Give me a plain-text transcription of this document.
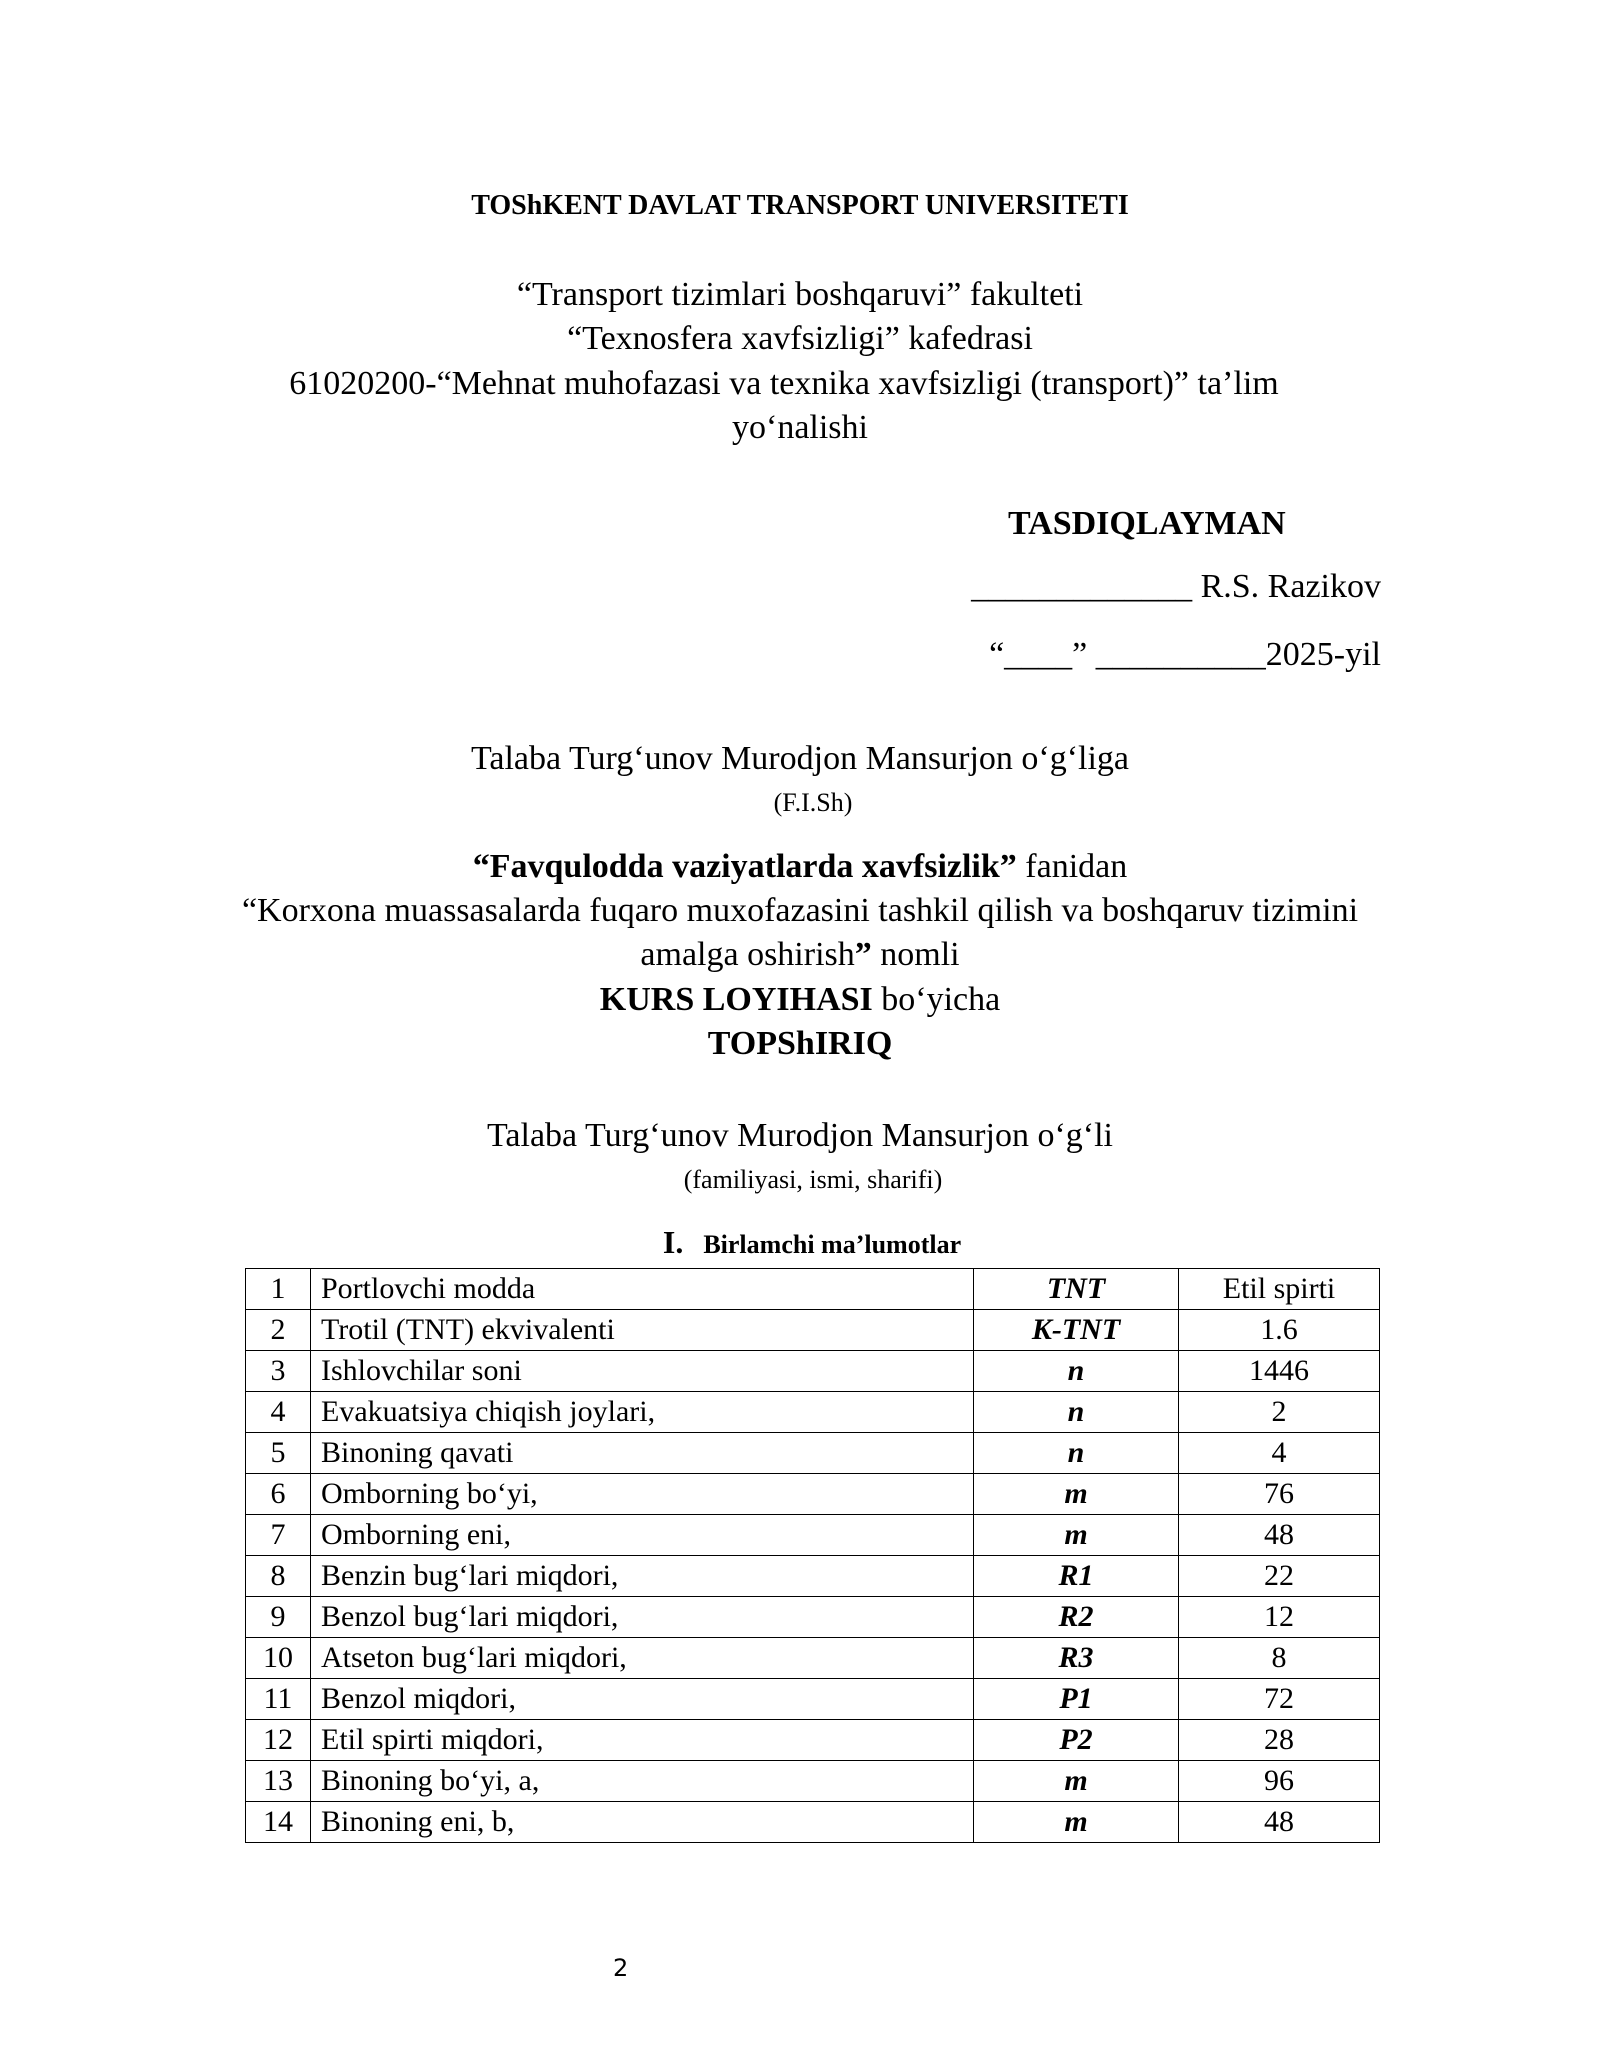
TOShKENT DAVLAT TRANSPORT UNIVERSITETI
“Transport tizimlari boshqaruvi” fakulteti
“Texnosfera xavfsizligi” kafedrasi
61020200-“Mehnat muhofazasi va texnika xavfsizligi (transport)” ta’lim
yo‘nalishi
TASDIQLAYMAN
_____________ R.S. Razikov
“____” __________2025-yil
Talaba Turg‘unov Murodjon Mansurjon o‘g‘liga
(F.I.Sh)
“Favqulodda vaziyatlarda xavfsizlik” fanidan
“Korxona muassasalarda fuqaro muxofazasini tashkil qilish va boshqaruv tizimini
amalga oshirish” nomli
KURS LOYIHASI bo‘yicha
TOPShIRIQ
Talaba Turg‘unov Murodjon Mansurjon o‘g‘li
(familiyasi, ismi, sharifi)
I. Birlamchi ma’lumotlar
1	Portlovchi modda	TNT	Etil spirti
2	Trotil (TNT) ekvivalenti	K-TNT	1.6
3	Ishlovchilar soni	n	1446
4	Evakuatsiya chiqish joylari,	n	2
5	Binoning qavati	n	4
6	Omborning bo‘yi,	m	76
7	Omborning eni,	m	48
8	Benzin bug‘lari miqdori,	R1	22
9	Benzol bug‘lari miqdori,	R2	12
10	Atseton bug‘lari miqdori,	R3	8
11	Benzol miqdori,	P1	72
12	Etil spirti miqdori,	P2	28
13	Binoning bo‘yi, a,	m	96
14	Binoning eni, b,	m	48
2
